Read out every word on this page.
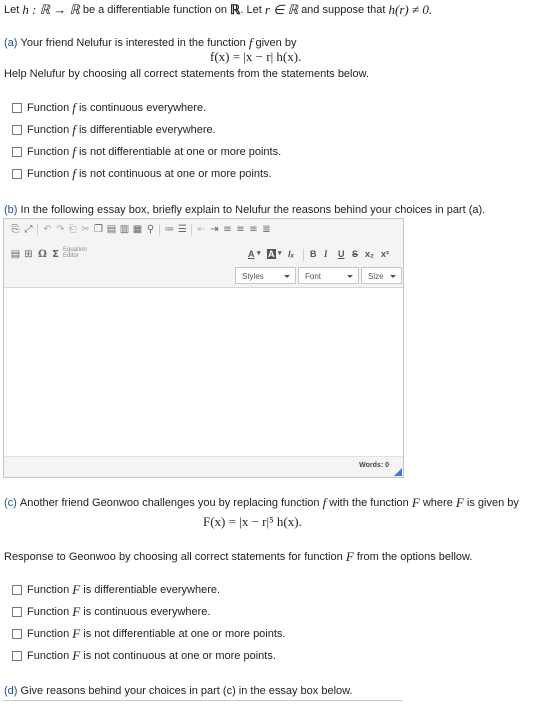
Let
h : ℝ → ℝ
be a differentiable function on
ℝ . Let
r ∈ ℝ
and suppose that
h(r) ≠ 0.
(a)
Your friend Nelufur is interested in the function
f
given by
f(x) = |x − r| h(x).
Help Nelufur by choosing all correct statements from the statements below.
Function
f
is continuous everywhere.
Function
f
is differentiable everywhere.
Function
f
is not differentiable at one or more points.
Function
f
is not continuous at one or more points.
(b)
In the following essay box, briefly explain to Nelufur the reasons behind your choices in part (a).
⎘ ⤢ ↶ ↷ ⎗ ✂ ❐ ▤ ▥ ▦ ⚲ ≔ ☰ ⇤ ⇥ ≡ ≡ ≡ ≣
▤ ⊞ Ω Σ Equation
Editor	A ▾ A ▾ Iₓ B I U S x₂ x²
Styles	Font	Size
Words: 0
(c)
Another friend Geonwoo challenges you by replacing function
f
with the function
F
where
F
is given by
F(x) = |x − r|⁵ h(x).
Response to Geonwoo by choosing all correct statements for function
F
from the options bellow.
Function
F
is differentiable everywhere.
Function
F
is continuous everywhere.
Function
F
is not differentiable at one or more points.
Function
F
is not continuous at one or more points.
(d)
Give reasons behind your choices in part (c) in the essay box below.
